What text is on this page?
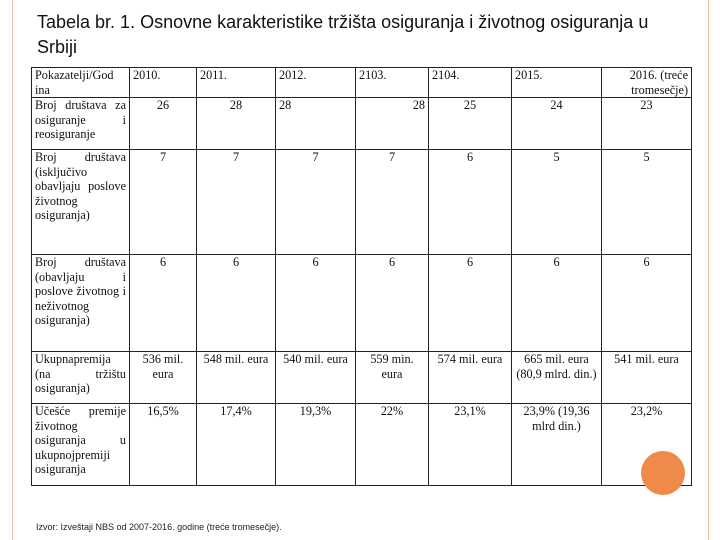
Tabela br. 1. Osnovne karakteristike tržišta osiguranja i životnog osiguranja u Srbiji
Pokazatelji/God ina	2010.	2011.	2012.	2103.	2104.	2015.	2016. (treće tromesečje)
Broj društava za osiguranje i reosiguranje	26	28	28	28	25	24	23
Broj društava (isključivo obavljaju poslove životnog osiguranja)	7	7	7	7	6	5	5
Broj društava (obavljaju i poslove životnog i neživotnog osiguranja)	6	6	6	6	6	6	6
Ukupnapremija (na tržištu osiguranja)	536 mil. eura	548 mil. eura	540 mil. eura	559 min. eura	574 mil. eura	665 mil. eura (80,9 mlrd. din.)	541 mil. eura
Učešće premije životnog osiguranja u ukupnojpremiji osiguranja	16,5%	17,4%	19,3%	22%	23,1%	23,9% (19,36 mlrd din.)	23,2%
Izvor: Izveštaji NBS od 2007-2016. godine (treće tromesečje).
